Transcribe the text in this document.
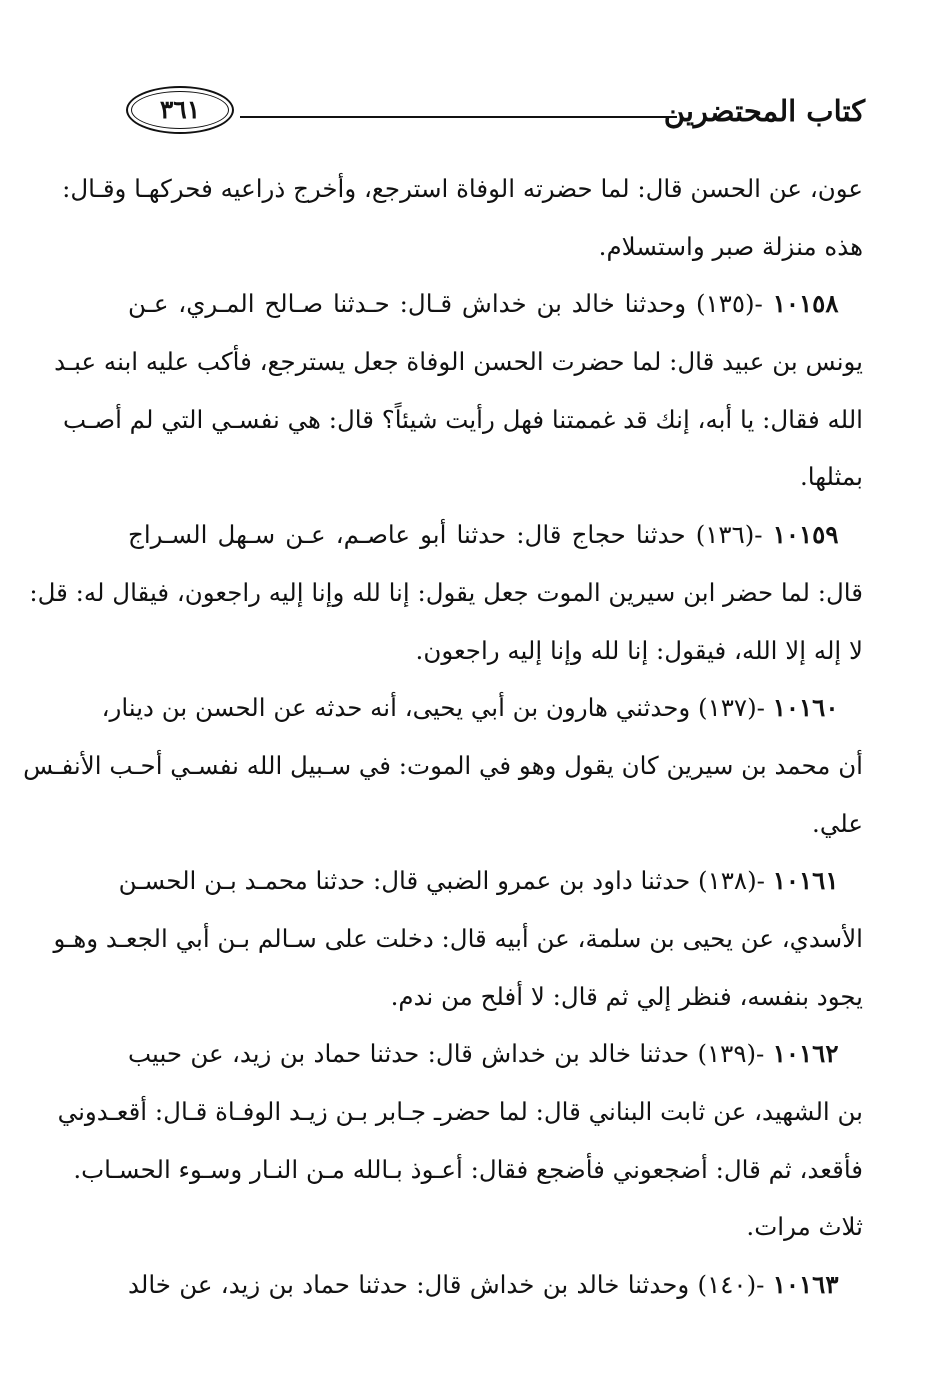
كتاب المحتضرين
٣٦١
عون، عن الحسن قال: لما حضرته الوفاة استرجع، وأخرج ذراعيه فحركهـا وقـال:
هذه منزلة صبر واستسلام.
 ١٠١٥٨ -(١٣٥) وحدثنا خالد بن خداش قـال: حـدثنا صـالح المـري، عـن
يونس بن عبيد قال: لما حضرت الحسن الوفاة جعل يسترجع، فأكب عليه ابنه عبـد
الله فقال: يا أبه، إنك قد غممتنا فهل رأيت شيئاً؟ قال: هي نفسـي التي لم أصـب
بمثلها.
 ١٠١٥٩ -(١٣٦) حدثنا حجاج قال: حدثنا أبو عاصـم، عـن سـهل السـراج
قال: لما حضر ابن سيرين الموت جعل يقول: إنا لله وإنا إليه راجعون، فيقال له: قل:
لا إله إلا الله، فيقول: إنا لله وإنا إليه راجعون.
 ١٠١٦٠ -(١٣٧) وحدثني هارون بن أبي يحيى، أنه حدثه عن الحسن بن دينار،
أن محمد بن سيرين كان يقول وهو في الموت: في سـبيل الله نفسـي أحـب الأنفـس
علي.
 ١٠١٦١ -(١٣٨) حدثنا داود بن عمرو الضبي قال: حدثنا محمـد بـن الحسـن
الأسدي، عن يحيى بن سلمة، عن أبيه قال: دخلت على سـالم بـن أبي الجعـد وهـو
يجود بنفسه، فنظر إلي ثم قال: لا أفلح من ندم.
 ١٠١٦٢ -(١٣٩) حدثنا خالد بن خداش قال: حدثنا حماد بن زيد، عن حبيب
بن الشهيد، عن ثابت البناني قال: لما حضرـ جـابر بـن زيـد الوفـاة قـال: أقعـدوني
فأقعد، ثم قال: أضجعوني فأضجع فقال: أعـوذ بـالله مـن النـار وسـوء الحسـاب.
ثلاث مرات.
 ١٠١٦٣ -(١٤٠) وحدثنا خالد بن خداش قال: حدثنا حماد بن زيد، عن خالد
